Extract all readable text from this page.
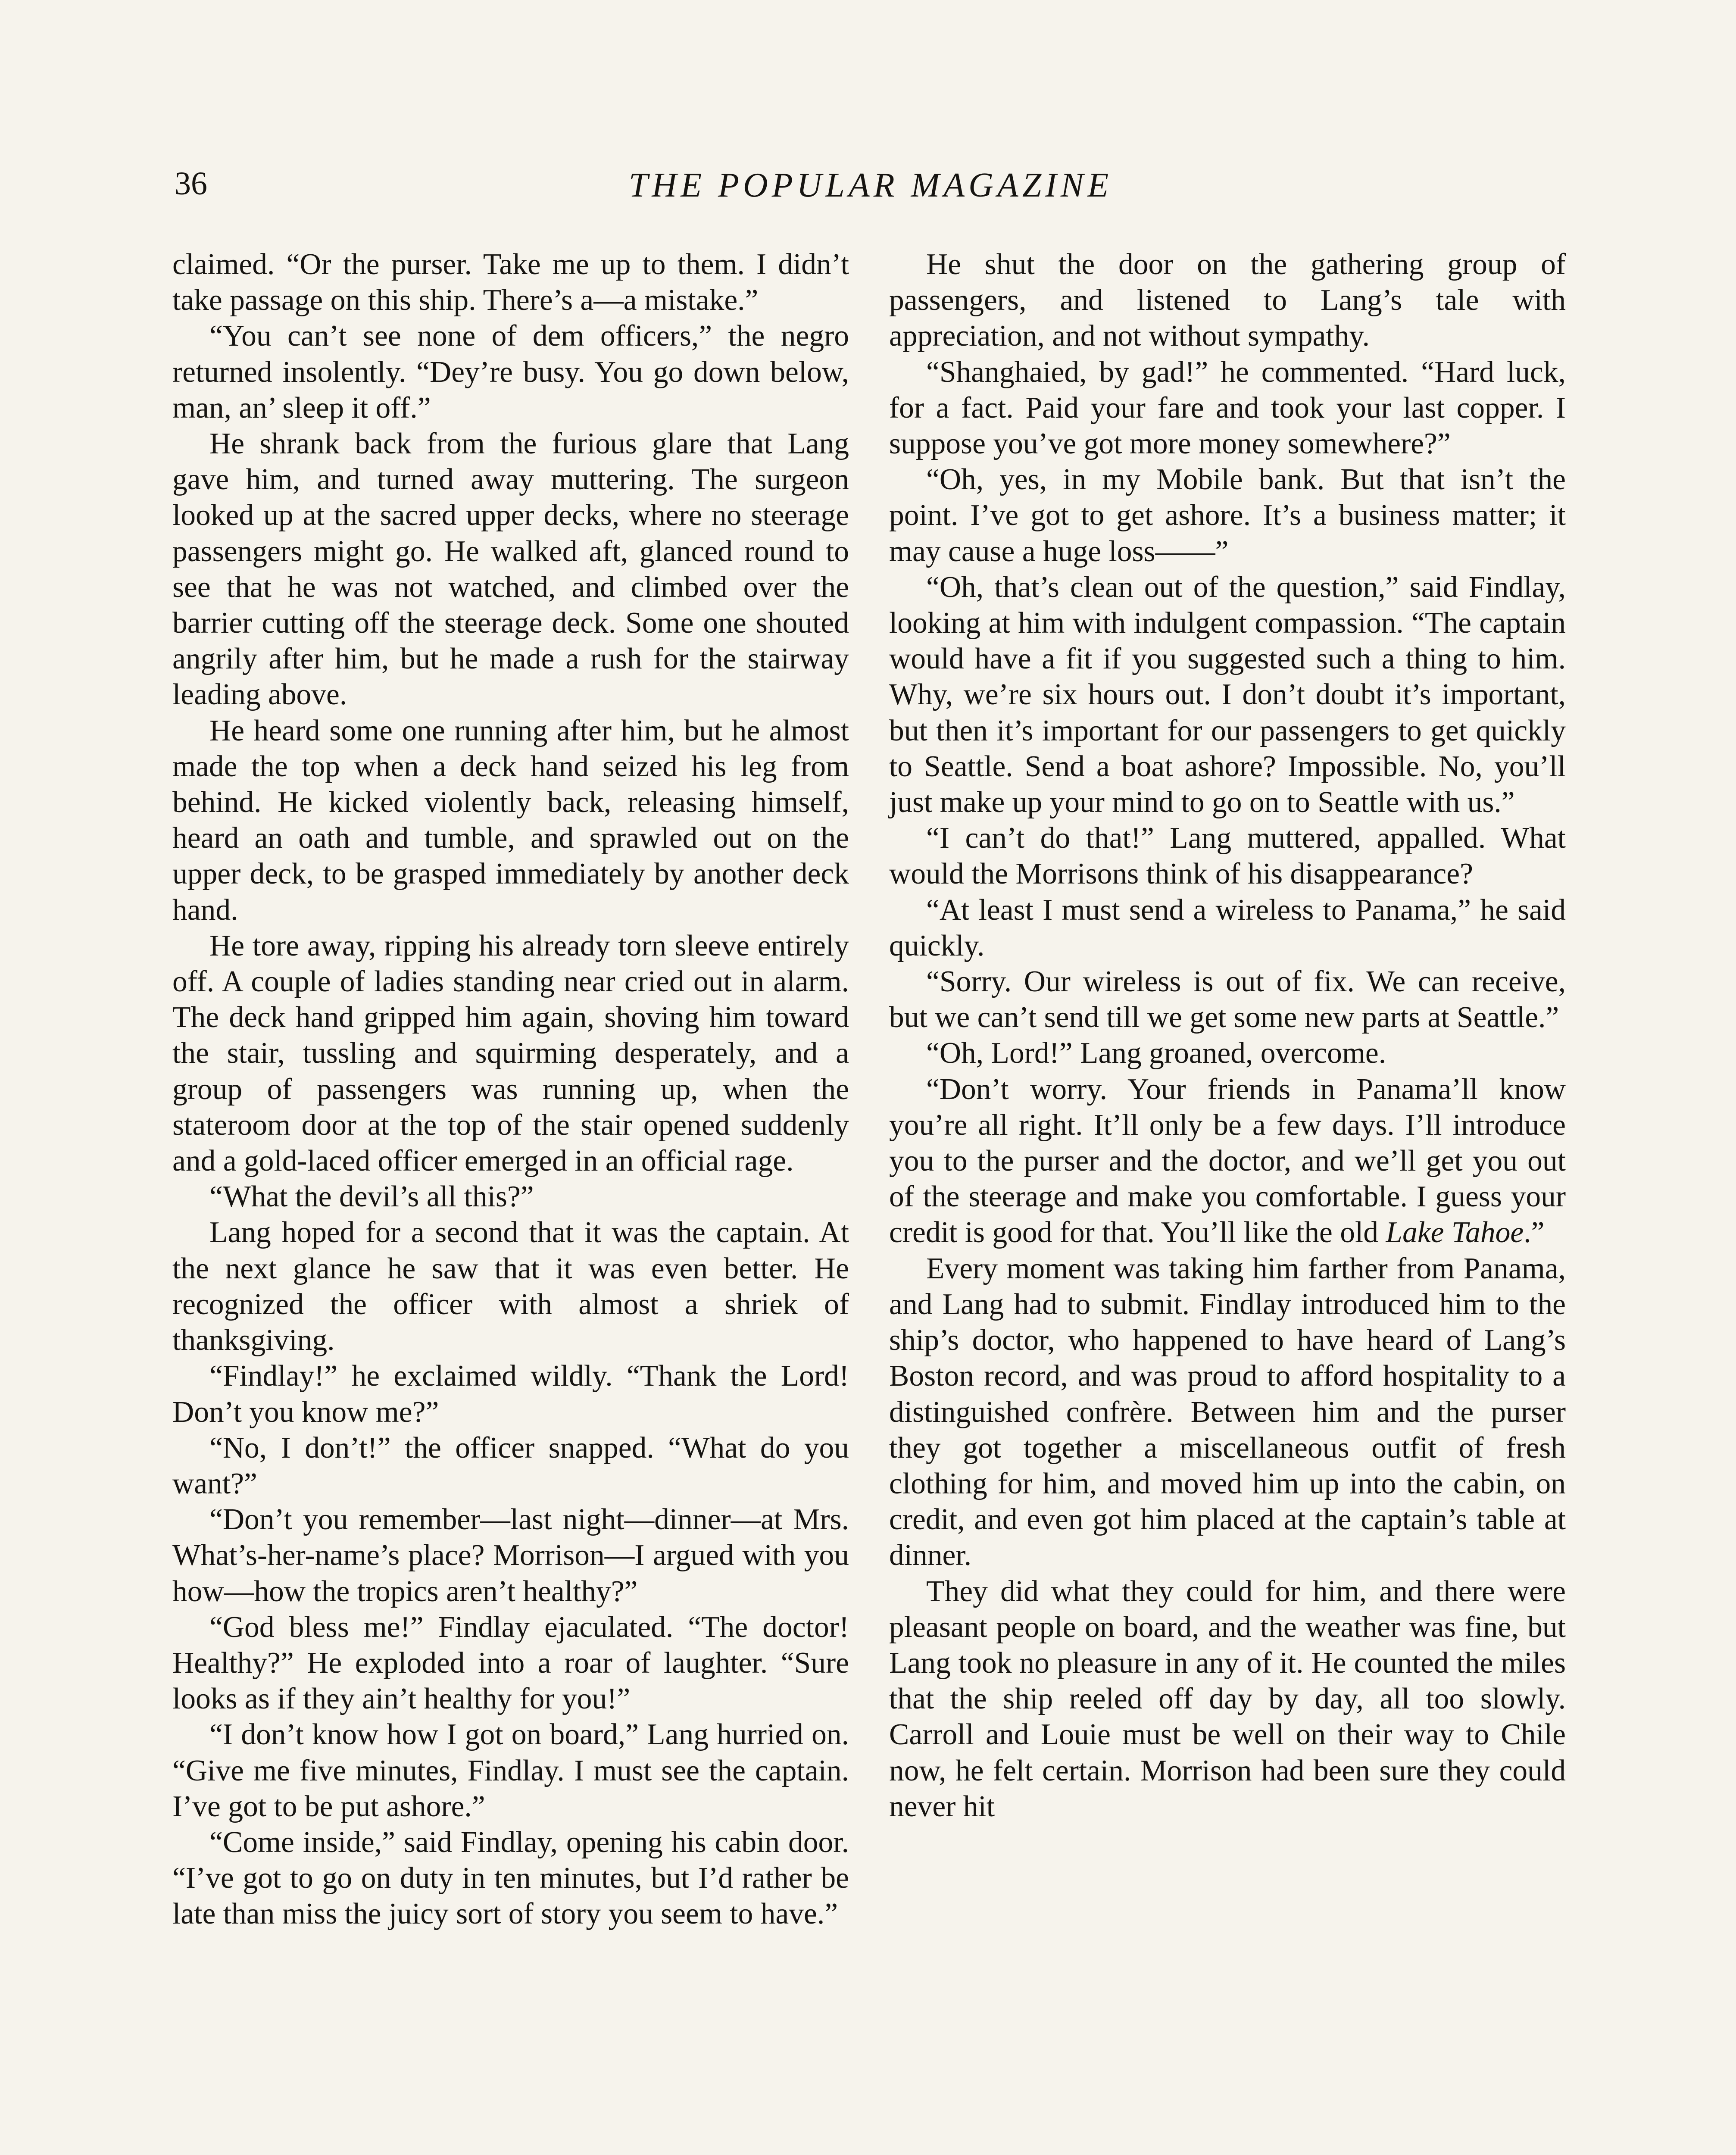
36	THE POPULAR MAGAZINE

claimed. “Or the purser. Take me up to them. I didn’t take passage on this ship. There’s a—a mistake.”

“You can’t see none of dem officers,” the negro returned insolently. “Dey’re busy. You go down below, man, an’ sleep it off.”

He shrank back from the furious glare that Lang gave him, and turned away muttering. The surgeon looked up at the sacred upper decks, where no steerage passengers might go. He walked aft, glanced round to see that he was not watched, and climbed over the barrier cutting off the steerage deck. Some one shouted angrily after him, but he made a rush for the stairway leading above.

He heard some one running after him, but he almost made the top when a deck hand seized his leg from behind. He kicked violently back, releasing himself, heard an oath and tumble, and sprawled out on the upper deck, to be grasped immediately by another deck hand.

He tore away, ripping his already torn sleeve entirely off. A couple of ladies standing near cried out in alarm. The deck hand gripped him again, shoving him toward the stair, tussling and squirming desperately, and a group of passengers was running up, when the stateroom door at the top of the stair opened suddenly and a gold-laced officer emerged in an official rage.

“What the devil’s all this?”

Lang hoped for a second that it was the captain. At the next glance he saw that it was even better. He recognized the officer with almost a shriek of thanksgiving.

“Findlay!” he exclaimed wildly. “Thank the Lord! Don’t you know me?”

“No, I don’t!” the officer snapped. “What do you want?”

“Don’t you remember—last night—dinner—at Mrs. What’s-her-name’s place? Morrison—I argued with you how—how the tropics aren’t healthy?”

“God bless me!” Findlay ejaculated. “The doctor! Healthy?” He exploded into a roar of laughter. “Sure looks as if they ain’t healthy for you!”

“I don’t know how I got on board,” Lang hurried on. “Give me five minutes, Findlay. I must see the captain. I’ve got to be put ashore.”

“Come inside,” said Findlay, opening his cabin door. “I’ve got to go on duty in ten minutes, but I’d rather be late than miss the juicy sort of story you seem to have.”

He shut the door on the gathering group of passengers, and listened to Lang’s tale with appreciation, and not without sympathy.

“Shanghaied, by gad!” he commented. “Hard luck, for a fact. Paid your fare and took your last copper. I suppose you’ve got more money somewhere?”

“Oh, yes, in my Mobile bank. But that isn’t the point. I’ve got to get ashore. It’s a business matter; it may cause a huge loss——”

“Oh, that’s clean out of the question,” said Findlay, looking at him with indulgent compassion. “The captain would have a fit if you suggested such a thing to him. Why, we’re six hours out. I don’t doubt it’s important, but then it’s important for our passengers to get quickly to Seattle. Send a boat ashore? Impossible. No, you’ll just make up your mind to go on to Seattle with us.”

“I can’t do that!” Lang muttered, appalled. What would the Morrisons think of his disappearance?

“At least I must send a wireless to Panama,” he said quickly.

“Sorry. Our wireless is out of fix. We can receive, but we can’t send till we get some new parts at Seattle.”

“Oh, Lord!” Lang groaned, overcome.

“Don’t worry. Your friends in Panama’ll know you’re all right. It’ll only be a few days. I’ll introduce you to the purser and the doctor, and we’ll get you out of the steerage and make you comfortable. I guess your credit is good for that. You’ll like the old Lake Tahoe.”

Every moment was taking him farther from Panama, and Lang had to submit. Findlay introduced him to the ship’s doctor, who happened to have heard of Lang’s Boston record, and was proud to afford hospitality to a distinguished confrère. Between him and the purser they got together a miscellaneous outfit of fresh clothing for him, and moved him up into the cabin, on credit, and even got him placed at the captain’s table at dinner.

They did what they could for him, and there were pleasant people on board, and the weather was fine, but Lang took no pleasure in any of it. He counted the miles that the ship reeled off day by day, all too slowly. Carroll and Louie must be well on their way to Chile now, he felt certain. Morrison had been sure they could never hit
